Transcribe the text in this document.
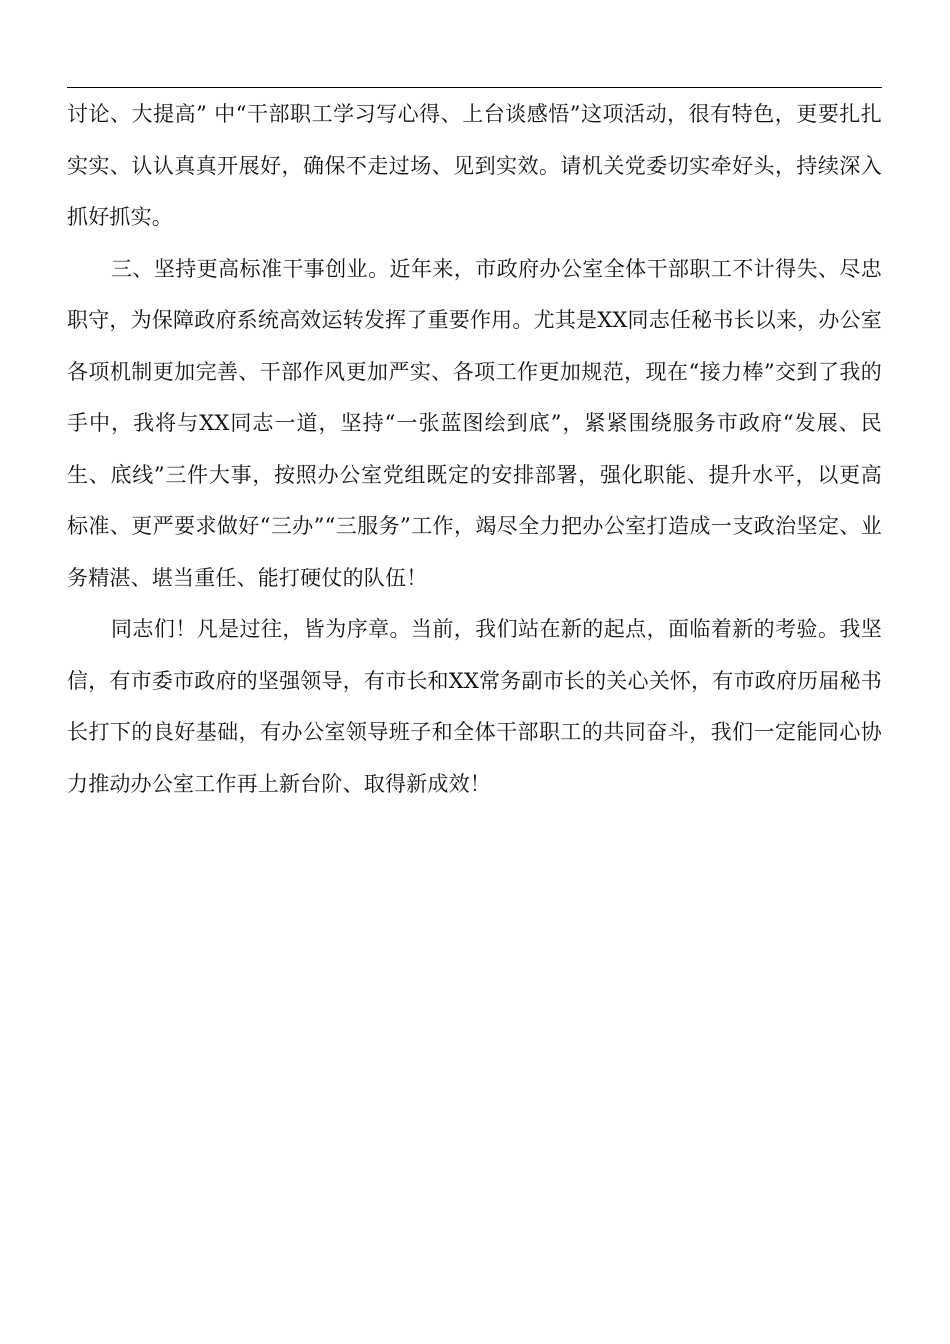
讨论、大提高” 中“干部职工学习写心得、上台谈感悟”这项活动，很有特色，更要扎扎实实、认认真真开展好，确保不走过场、见到实效。请机关党委切实牵好头，持续深入抓好抓实。

三、坚持更高标准干事创业。近年来，市政府办公室全体干部职工不计得失、尽忠职守，为保障政府系统高效运转发挥了重要作用。尤其是XX同志任秘书长以来，办公室各项机制更加完善、干部作风更加严实、各项工作更加规范，现在“接力棒”交到了我的手中，我将与XX同志一道，坚持“一张蓝图绘到底”，紧紧围绕服务市政府“发展、民生、底线”三件大事，按照办公室党组既定的安排部署，强化职能、提升水平，以更高标准、更严要求做好“三办”“三服务”工作，竭尽全力把办公室打造成一支政治坚定、业务精湛、堪当重任、能打硬仗的队伍！

同志们！凡是过往，皆为序章。当前，我们站在新的起点，面临着新的考验。我坚信，有市委市政府的坚强领导，有市长和XX常务副市长的关心关怀，有市政府历届秘书长打下的良好基础，有办公室领导班子和全体干部职工的共同奋斗，我们一定能同心协力推动办公室工作再上新台阶、取得新成效！
